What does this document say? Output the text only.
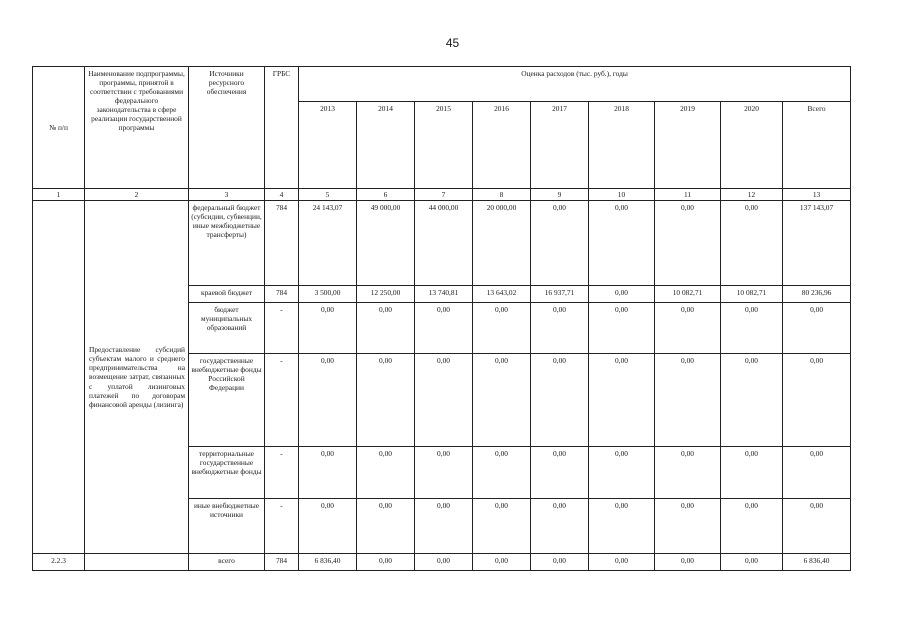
45
№ п/п	Наименование подпрограммы, программы, принятой в соответствии с требованиями федерального законодательства в сфере реализации государственной программы	Источники ресурсного обеспечения	ГРБС	Оценка расходов (тыс. руб.), годы								
				2013	2014	2015	2016	2017	2018	2019	2020	Всего
1	2	3	4	5	6	7	8	9	10	11	12	13
	Предоставление субсидий субъектам малого и среднего предпринимательства на возмещение затрат, связанных с уплатой лизинговых платежей по договорам финансовой аренды (лизинга)	федеральный бюджет (субсидии, субвенции, иные межбюджетные трансферты)	784	24 143,07	49 000,00	44 000,00	20 000,00	0,00	0,00	0,00	0,00	137 143,07
		краевой бюджет	784	3 500,00	12 250,00	13 740,81	13 643,02	16 937,71	0,00	10 082,71	10 082,71	80 236,96
		бюджет муниципальных образований	-	0,00	0,00	0,00	0,00	0,00	0,00	0,00	0,00	0,00
		государственные внебюджетные фонды Российской Федерации	-	0,00	0,00	0,00	0,00	0,00	0,00	0,00	0,00	0,00
		территориальные государственные внебюджетные фонды	-	0,00	0,00	0,00	0,00	0,00	0,00	0,00	0,00	0,00
		иные внебюджетные источники	-	0,00	0,00	0,00	0,00	0,00	0,00	0,00	0,00	0,00
2.2.3		всего	784	6 836,40	0,00	0,00	0,00	0,00	0,00	0,00	0,00	6 836,40
